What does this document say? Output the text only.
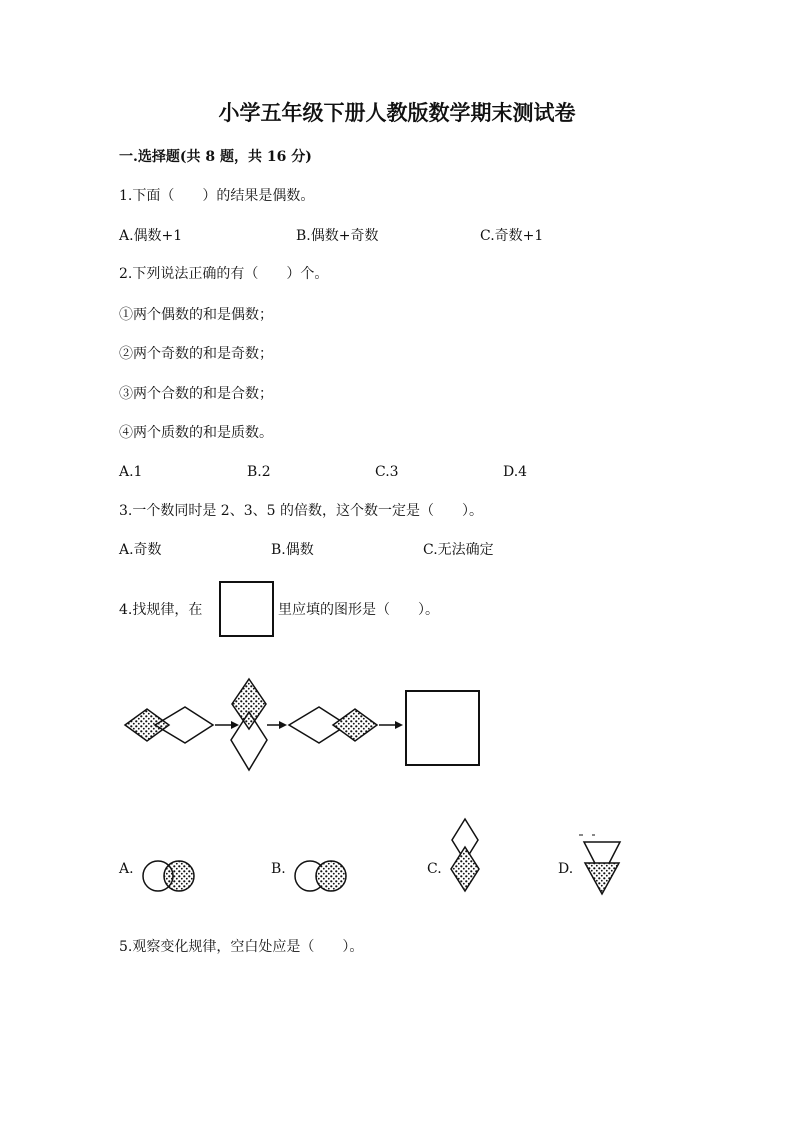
小学五年级下册人教版数学期末测试卷
一.选择题(共 8 题，共 16 分)
1.下面（　　）的结果是偶数。
A.偶数+1	B.偶数+奇数	C.奇数+1
2.下列说法正确的有（　　）个。
①两个偶数的和是偶数；
②两个奇数的和是奇数；
③两个合数的和是合数；
④两个质数的和是质数。
A.1	B.2	C.3	D.4
3.一个数同时是 2、3、5 的倍数，这个数一定是（　　）。
A.奇数	B.偶数	C.无法确定
4.找规律，在	里应填的图形是（　　）。
A.	B.	C.	D.
5.观察变化规律，空白处应是（　　）。
